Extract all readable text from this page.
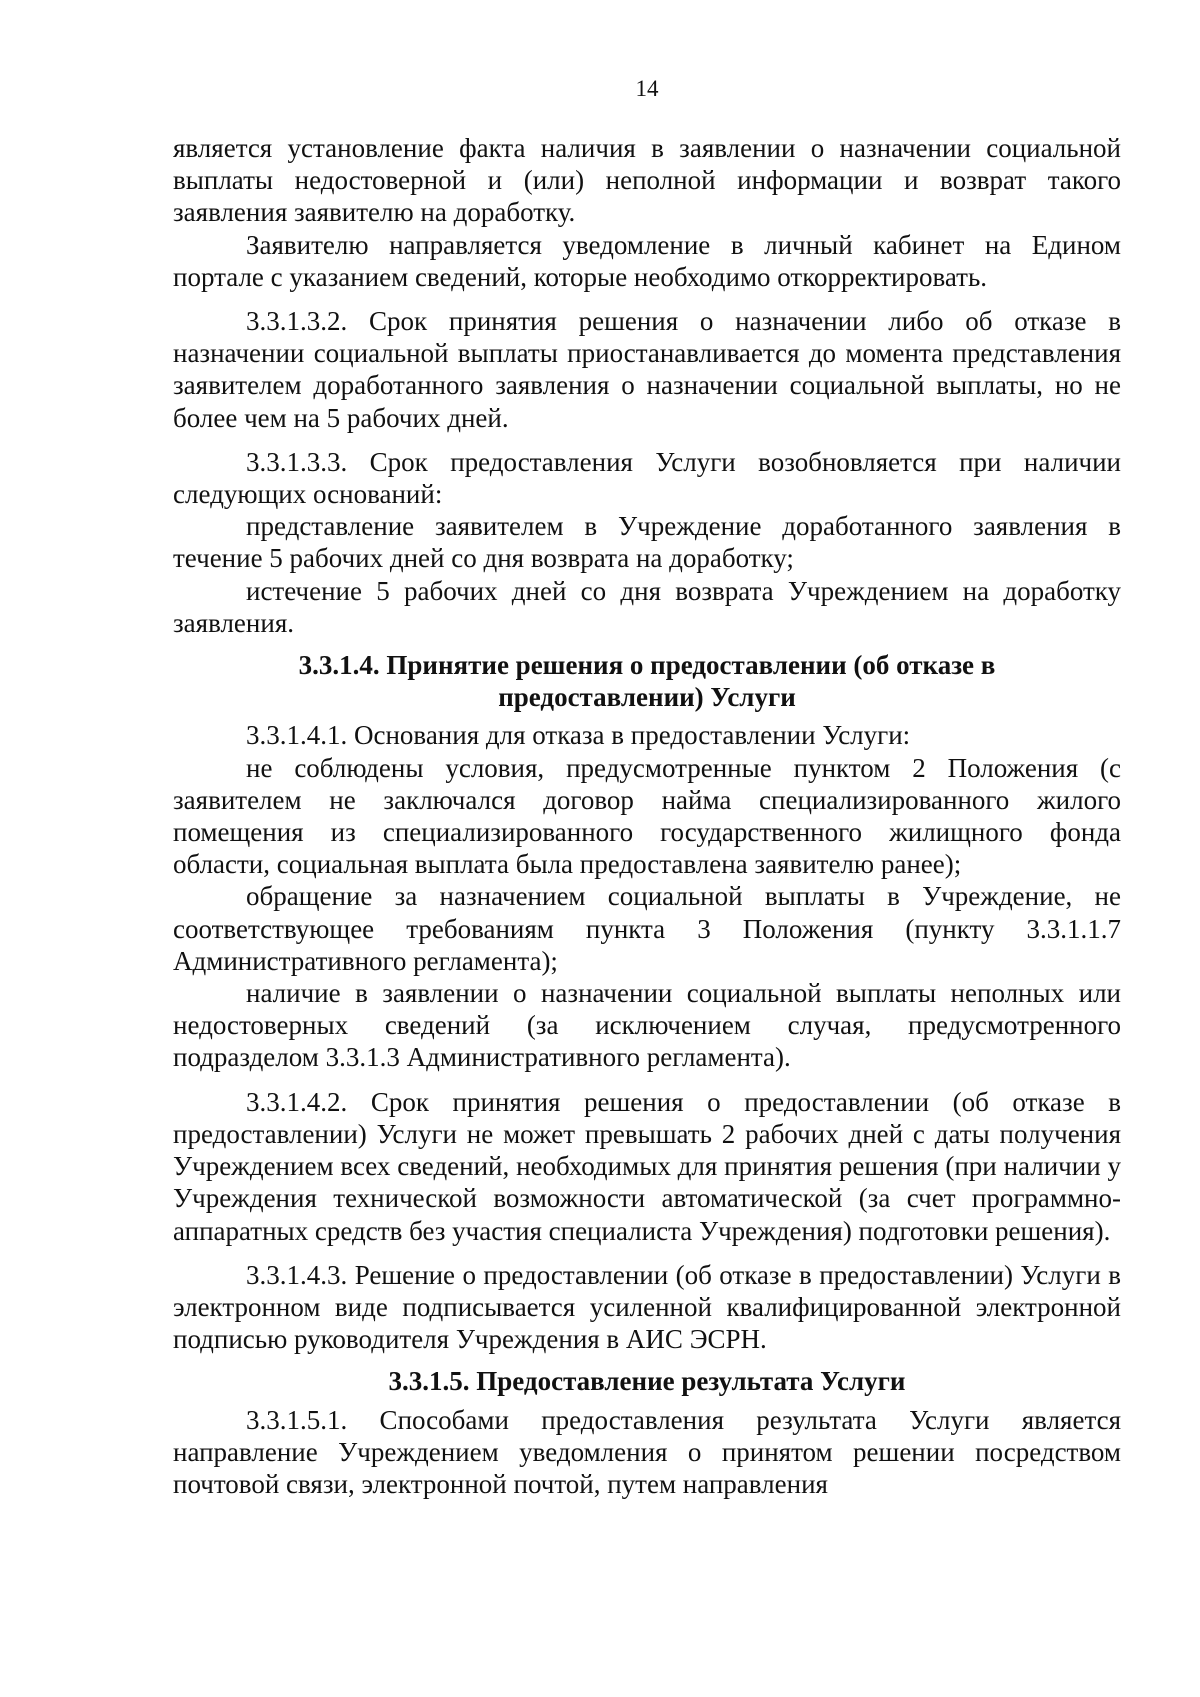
14

является установление факта наличия в заявлении о назначении социальной выплаты недостоверной и (или) неполной информации и возврат такого заявления заявителю на доработку.

Заявителю направляется уведомление в личный кабинет на Едином портале с указанием сведений, которые необходимо откорректировать.

3.3.1.3.2. Срок принятия решения о назначении либо об отказе в назначении социальной выплаты приостанавливается до момента представления заявителем доработанного заявления о назначении социальной выплаты, но не более чем на 5 рабочих дней.

3.3.1.3.3. Срок предоставления Услуги возобновляется при наличии следующих оснований:

представление заявителем в Учреждение доработанного заявления в течение 5 рабочих дней со дня возврата на доработку;

истечение 5 рабочих дней со дня возврата Учреждением на доработку заявления.

3.3.1.4. Принятие решения о предоставлении (об отказе в
предоставлении) Услуги

3.3.1.4.1. Основания для отказа в предоставлении Услуги:

не соблюдены условия, предусмотренные пунктом 2 Положения (с заявителем не заключался договор найма специализированного жилого помещения из специализированного государственного жилищного фонда области, социальная выплата была предоставлена заявителю ранее);

обращение за назначением социальной выплаты в Учреждение, не соответствующее требованиям пункта 3 Положения (пункту 3.3.1.1.7 Административного регламента);

наличие в заявлении о назначении социальной выплаты неполных или недостоверных сведений (за исключением случая, предусмотренного подразделом 3.3.1.3 Административного регламента).

3.3.1.4.2. Срок принятия решения о предоставлении (об отказе в предоставлении) Услуги не может превышать 2 рабочих дней с даты получения Учреждением всех сведений, необходимых для принятия решения (при наличии у Учреждения технической возможности автоматической (за счет программно-аппаратных средств без участия специалиста Учреждения) подготовки решения).

3.3.1.4.3. Решение о предоставлении (об отказе в предоставлении) Услуги в электронном виде подписывается усиленной квалифицированной электронной подписью руководителя Учреждения в АИС ЭСРН.

3.3.1.5. Предоставление результата Услуги

3.3.1.5.1. Способами предоставления результата Услуги является направление Учреждением уведомления о принятом решении посредством почтовой связи, электронной почтой, путем направления
